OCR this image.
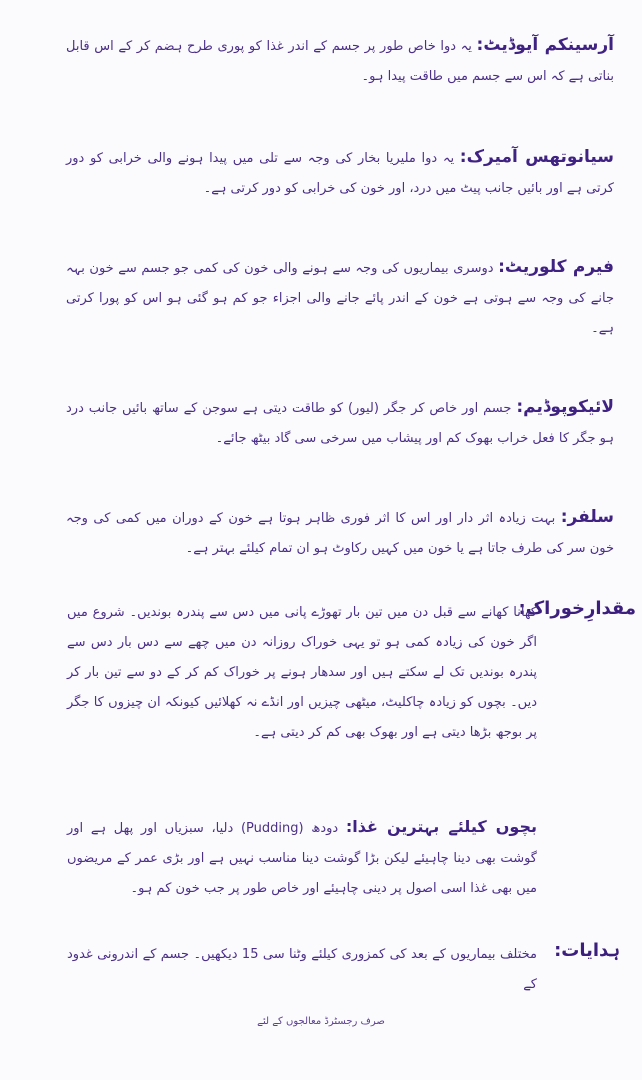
آرسینکم آیوڈیٹ: یہ دوا خاص طور پر جسم کے اندر غذا کو پوری طرح ہضم کر کے اس قابل بناتی ہے کہ اس سے جسم میں طاقت پیدا ہو۔
سیانوتھس آمیرک: یہ دوا ملیریا بخار کی وجہ سے تلی میں پیدا ہونے والی خرابی کو دور کرتی ہے اور بائیں جانب پیٹ میں درد، اور خون کی خرابی کو دور کرتی ہے۔
فیرم کلوریٹ: دوسری بیماریوں کی وجہ سے ہونے والی خون کی کمی جو جسم سے خون بہہ جانے کی وجہ سے ہوتی ہے خون کے اندر پائے جانے والی اجزاء جو کم ہو گئی ہو اس کو پورا کرتی ہے۔
لائیکوپوڈیم: جسم اور خاص کر جگر (لیور) کو طاقت دیتی ہے سوجن کے ساتھ بائیں جانب درد ہو جگر کا فعل خراب بھوک کم اور پیشاب میں سرخی سی گاد بیٹھ جائے۔
سلفر: بہت زیادہ اثر دار اور اس کا اثر فوری ظاہر ہوتا ہے خون کے دوران میں کمی کی وجہ خون سر کی طرف جاتا ہے یا خون میں کہیں رکاوٹ ہو ان تمام کیلئے بہتر ہے۔
مقدارِخوراک:
کھانا کھانے سے قبل دن میں تین بار تھوڑے پانی میں دس سے پندرہ بوندیں۔ شروع میں اگر خون کی زیادہ کمی ہو تو یہی خوراک روزانہ دن میں چھے سے دس بار دس سے پندرہ بوندیں تک لے سکتے ہیں اور سدھار ہونے پر خوراک کم کر کے دو سے تین بار کر دیں۔ بچوں کو زیادہ چاکلیٹ، میٹھی چیزیں اور انڈے نہ کھلائیں کیونکہ ان چیزوں کا جگر پر بوجھ بڑھا دیتی ہے اور بھوک بھی کم کر دیتی ہے۔
بچوں کیلئے بہترین غذا: دودھ (Pudding) دلیا، سبزیاں اور پھل ہے اور گوشت بھی دینا چاہیئے لیکن بڑا گوشت دینا مناسب نہیں ہے اور بڑی عمر کے مریضوں میں بھی غذا اسی اصول پر دینی چاہیئے اور خاص طور پر جب خون کم ہو۔
ہدایات:
مختلف بیماریوں کے بعد کی کمزوری کیلئے وٹنا سی 15 دیکھیں۔ جسم کے اندرونی غدود کے
صرف رجسٹرڈ معالجوں کے لئے
